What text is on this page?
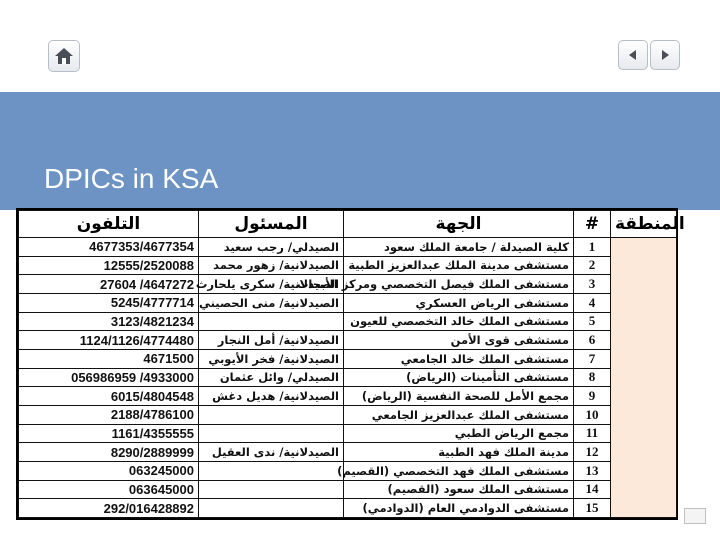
DPICs in KSA
التلفون	المسئول	الجهة	#	المنطقة
4677353/4677354	الصيدلي/ رجب سعيد	كلية الصيدلة / جامعة الملك سعود	1	
12555/2520088	الصيدلانية/ زهور محمد	مستشفى مدينة الملك عبدالعزيز الطبية	2	
27604 /4647272	الصيدلانية/ سكرى يلحارث	مستشفى الملك فيصل التخصصي ومركز الأبحاث	3	
5245/4777714	الصيدلانية/ منى الحصيني	مستشفى الرياض العسكري	4	
3123/4821234		مستشفى الملك خالد التخصصي للعيون	5	
1124/1126/4774480	الصيدلانية/ أمل النجار	مستشفى قوى الأمن	6	
4671500	الصيدلانية/ فخر الأيوبي	مستشفى الملك خالد الجامعي	7	
056986959 /4933000	الصيدلي/ وائل عثمان	مستشفى التأمينات (الرياض)	8	
6015/4804548	الصيدلانية/ هديل دغش	مجمع الأمل للصحة النفسية (الرياض)	9	
2188/4786100		مستشفى الملك عبدالعزيز الجامعي	10	
1161/4355555		مجمع الرياض الطبي	11	
8290/2889999	الصيدلانية/ ندى العقيل	مدينة الملك فهد الطبية	12	
063245000		مستشفى الملك فهد التخصصي (القصيم)	13	
063645000		مستشفى الملك سعود (القصيم)	14	
292/016428892		مستشفى الدوادمي العام (الدوادمي)	15	
